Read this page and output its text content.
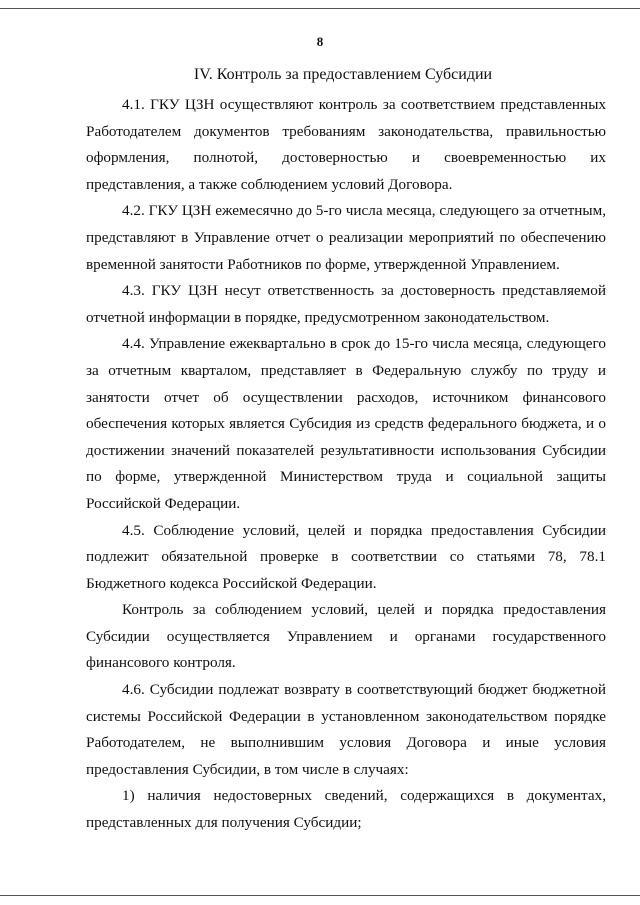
8
IV. Контроль за предоставлением Субсидии

4.1. ГКУ ЦЗН осуществляют контроль за соответствием представленных Работодателем документов требованиям законодательства, правильностью оформления, полнотой, достоверностью и своевременностью их представления, а также соблюдением условий Договора.

4.2. ГКУ ЦЗН ежемесячно до 5-го числа месяца, следующего за отчетным, представляют в Управление отчет о реализации мероприятий по обеспечению временной занятости Работников по форме, утвержденной Управлением.

4.3. ГКУ ЦЗН несут ответственность за достоверность представляемой отчетной информации в порядке, предусмотренном законодательством.

4.4. Управление ежеквартально в срок до 15-го числа месяца, следующего за отчетным кварталом, представляет в Федеральную службу по труду и занятости отчет об осуществлении расходов, источником финансового обеспечения которых является Субсидия из средств федерального бюджета, и о достижении значений показателей результативности использования Субсидии по форме, утвержденной Министерством труда и социальной защиты Российской Федерации.

4.5. Соблюдение условий, целей и порядка предоставления Субсидии подлежит обязательной проверке в соответствии со статьями 78, 78.1 Бюджетного кодекса Российской Федерации.

Контроль за соблюдением условий, целей и порядка предоставления Субсидии осуществляется Управлением и органами государственного финансового контроля.

4.6. Субсидии подлежат возврату в соответствующий бюджет бюджетной системы Российской Федерации в установленном законодательством порядке Работодателем, не выполнившим условия Договора и иные условия предоставления Субсидии, в том числе в случаях:

1) наличия недостоверных сведений, содержащихся в документах, представленных для получения Субсидии;
